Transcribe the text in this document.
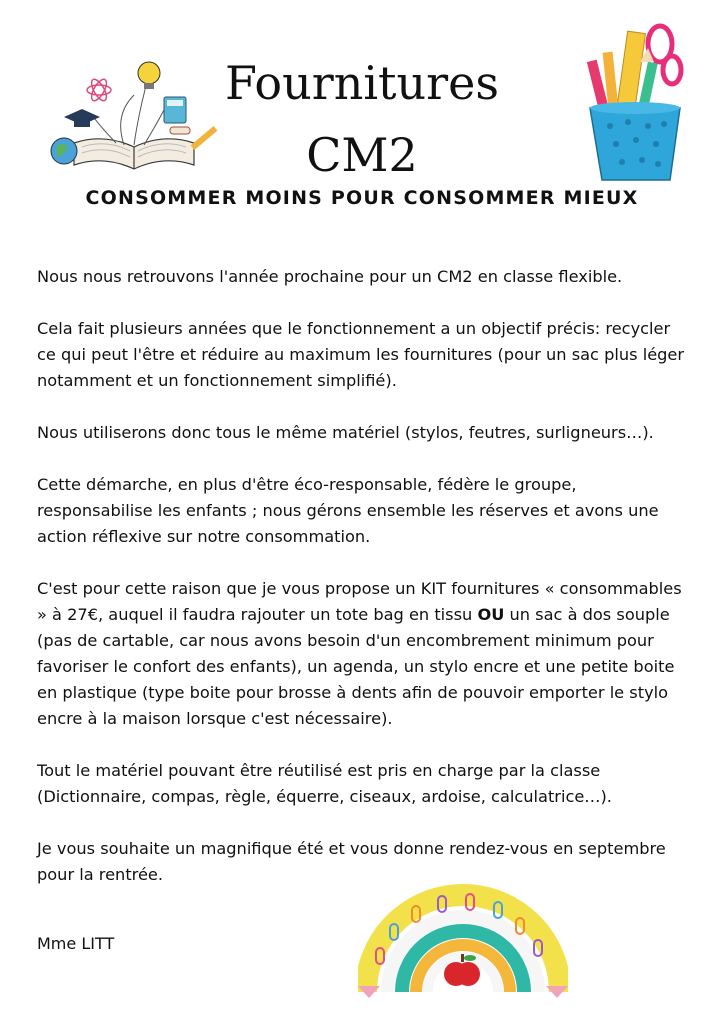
Fournitures
CM2
CONSOMMER MOINS POUR CONSOMMER MIEUX

Nous nous retrouvons l'année prochaine pour un CM2 en classe flexible.

Cela fait plusieurs années que le fonctionnement a un objectif précis: recycler ce qui peut l'être et réduire au maximum les fournitures (pour un sac plus léger notamment et un fonctionnement simplifié).

Nous utiliserons donc tous le même matériel (stylos, feutres, surligneurs…).

Cette démarche, en plus d'être éco-responsable, fédère le groupe, responsabilise les enfants ; nous gérons ensemble les réserves et avons une action réflexive sur notre consommation.

C'est pour cette raison que je vous propose un KIT fournitures « consommables » à 27€, auquel il faudra rajouter un tote bag en tissu OU un sac à dos souple (pas de cartable, car nous avons besoin d'un encombrement minimum pour favoriser le confort des enfants), un agenda, un stylo encre et une petite boite en plastique (type boite pour brosse à dents afin de pouvoir emporter le stylo encre à la maison lorsque c'est nécessaire).

Tout le matériel pouvant être réutilisé est pris en charge par la classe (Dictionnaire, compas, règle, équerre, ciseaux, ardoise, calculatrice…).

Je vous souhaite un magnifique été et vous donne rendez-vous en septembre pour la rentrée.

Mme LITT
